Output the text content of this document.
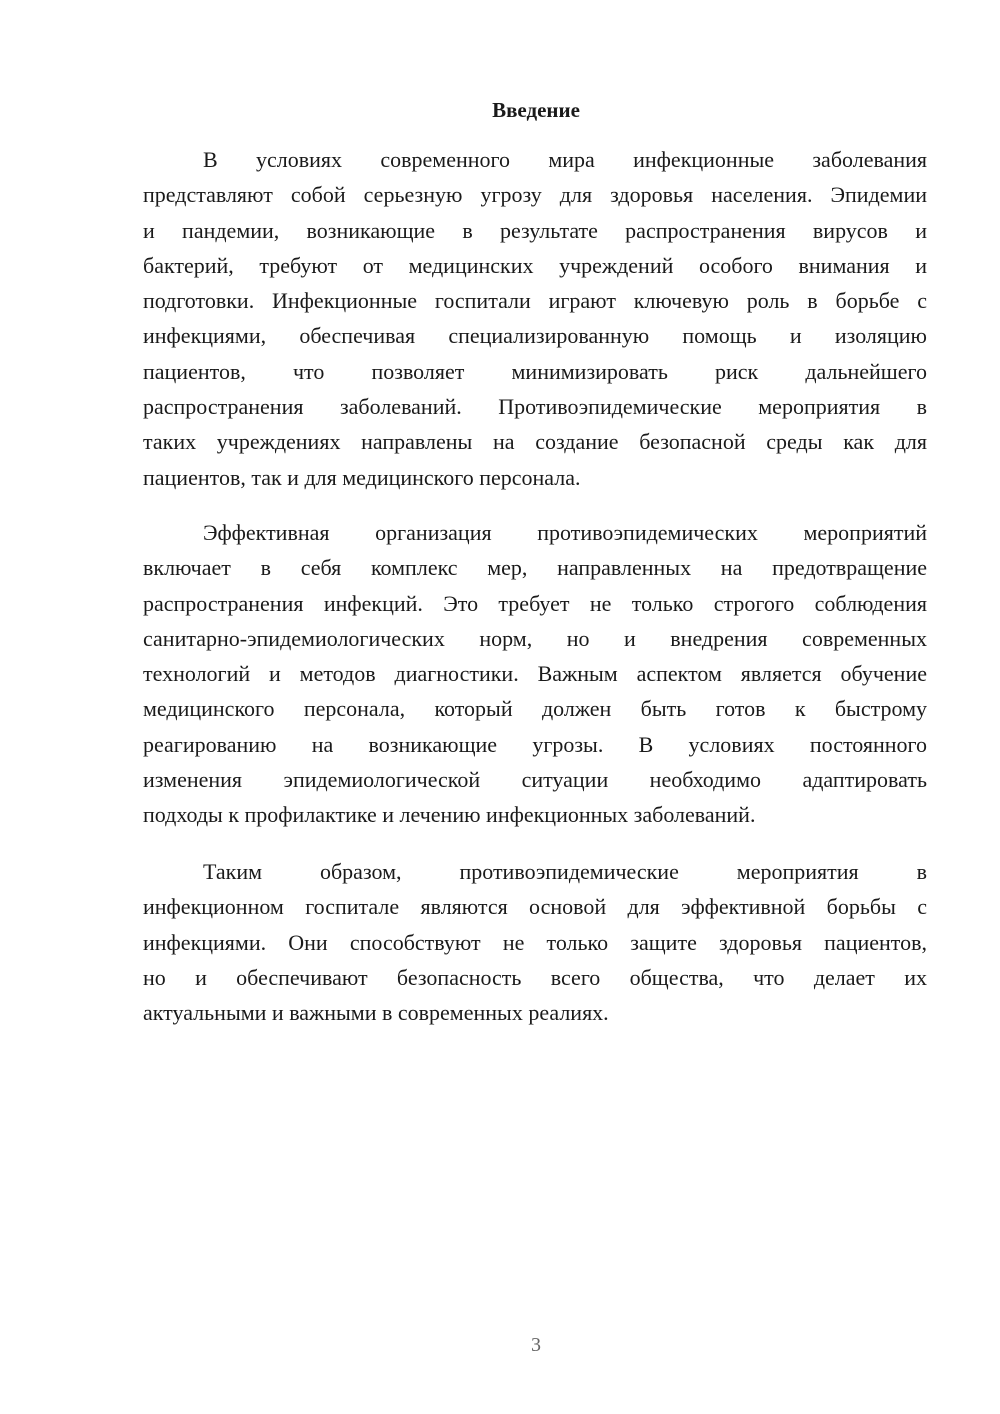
Введение
В условиях современного мира инфекционные заболевания
представляют собой серьезную угрозу для здоровья населения. Эпидемии
и пандемии, возникающие в результате распространения вирусов и
бактерий, требуют от медицинских учреждений особого внимания и
подготовки. Инфекционные госпитали играют ключевую роль в борьбе с
инфекциями, обеспечивая специализированную помощь и изоляцию
пациентов, что позволяет минимизировать риск дальнейшего
распространения заболеваний. Противоэпидемические мероприятия в
таких учреждениях направлены на создание безопасной среды как для
пациентов, так и для медицинского персонала.
Эффективная организация противоэпидемических мероприятий
включает в себя комплекс мер, направленных на предотвращение
распространения инфекций. Это требует не только строгого соблюдения
санитарно-эпидемиологических норм, но и внедрения современных
технологий и методов диагностики. Важным аспектом является обучение
медицинского персонала, который должен быть готов к быстрому
реагированию на возникающие угрозы. В условиях постоянного
изменения эпидемиологической ситуации необходимо адаптировать
подходы к профилактике и лечению инфекционных заболеваний.
Таким образом, противоэпидемические мероприятия в
инфекционном госпитале являются основой для эффективной борьбы с
инфекциями. Они способствуют не только защите здоровья пациентов,
но и обеспечивают безопасность всего общества, что делает их
актуальными и важными в современных реалиях.
3
